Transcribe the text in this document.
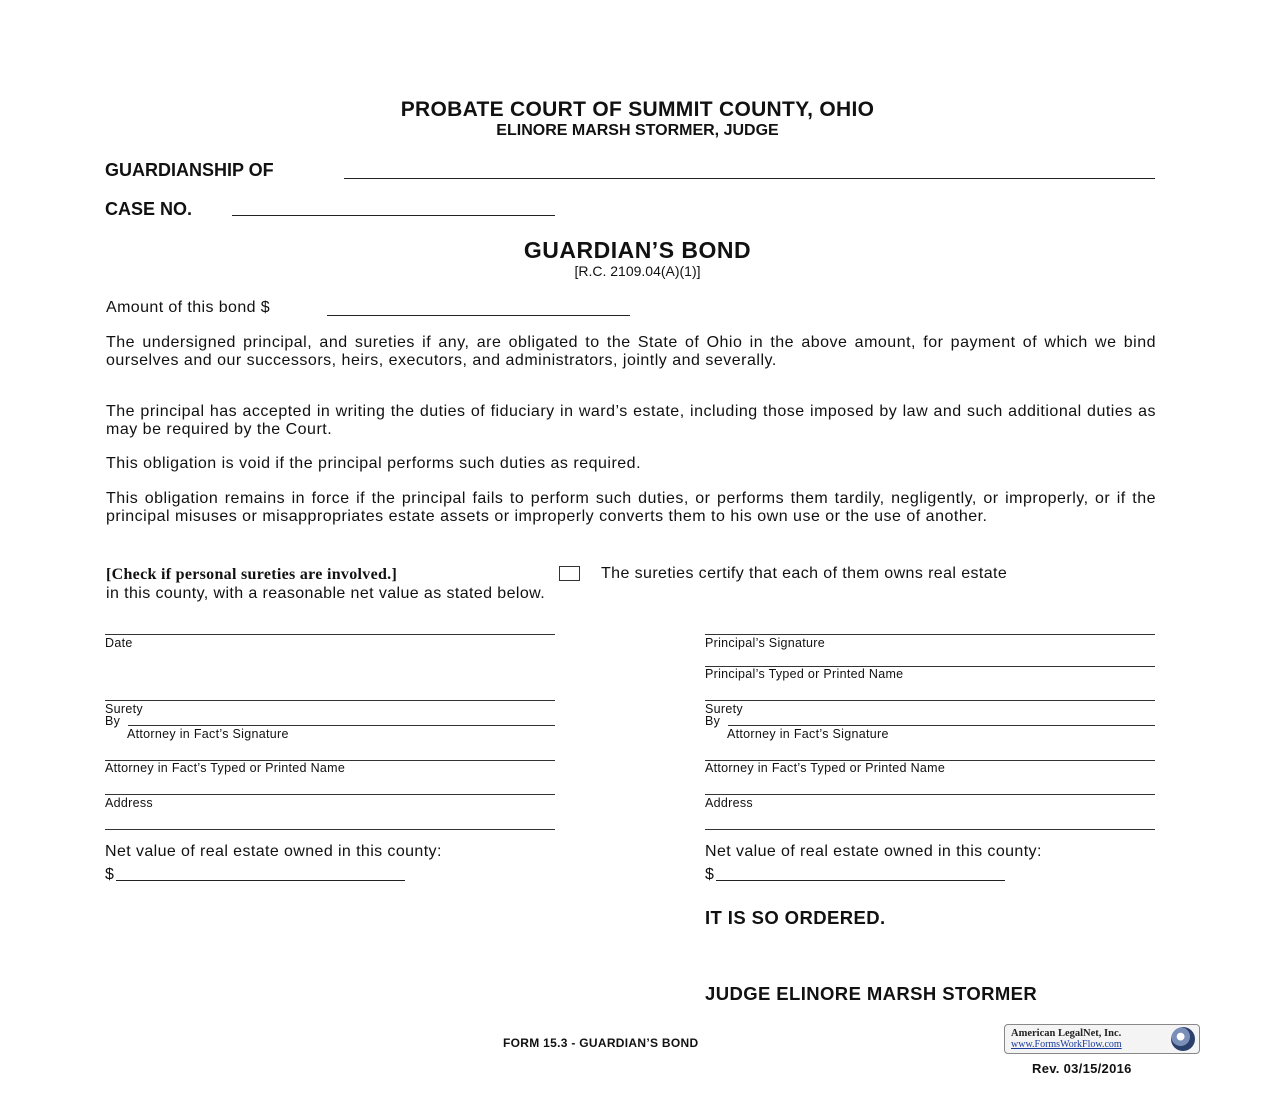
PROBATE COURT OF SUMMIT COUNTY, OHIO
ELINORE MARSH STORMER, JUDGE
GUARDIANSHIP OF
CASE NO.
GUARDIAN’S BOND
[R.C. 2109.04(A)(1)]
Amount of this bond $
The undersigned principal, and sureties if any, are obligated to the State of Ohio in the above amount, for payment of which we bind ourselves and our successors, heirs, executors, and administrators, jointly and severally.
The principal has accepted in writing the duties of fiduciary in ward’s estate, including those imposed by law and such additional duties as may be required by the Court.
This obligation is void if the principal performs such duties as required.
This obligation remains in force if the principal fails to perform such duties, or performs them tardily, negligently, or improperly, or if the principal misuses or misappropriates estate assets or improperly converts them to his own use or the use of another.
[Check if personal sureties are involved.]	The sureties certify that each of them owns real estate
in this county, with a reasonable net value as stated below.
Date
Surety
By
Attorney in Fact’s Signature
Attorney in Fact’s Typed or Printed Name
Address
Net value of real estate owned in this county:
$
Principal’s Signature
Principal’s Typed or Printed Name
Surety
By
Attorney in Fact’s Signature
Attorney in Fact’s Typed or Printed Name
Address
Net value of real estate owned in this county:
$
IT IS SO ORDERED.
JUDGE ELINORE MARSH STORMER
FORM 15.3 - GUARDIAN’S BOND
American LegalNet, Inc.
www.FormsWorkFlow.com
Rev. 03/15/2016
